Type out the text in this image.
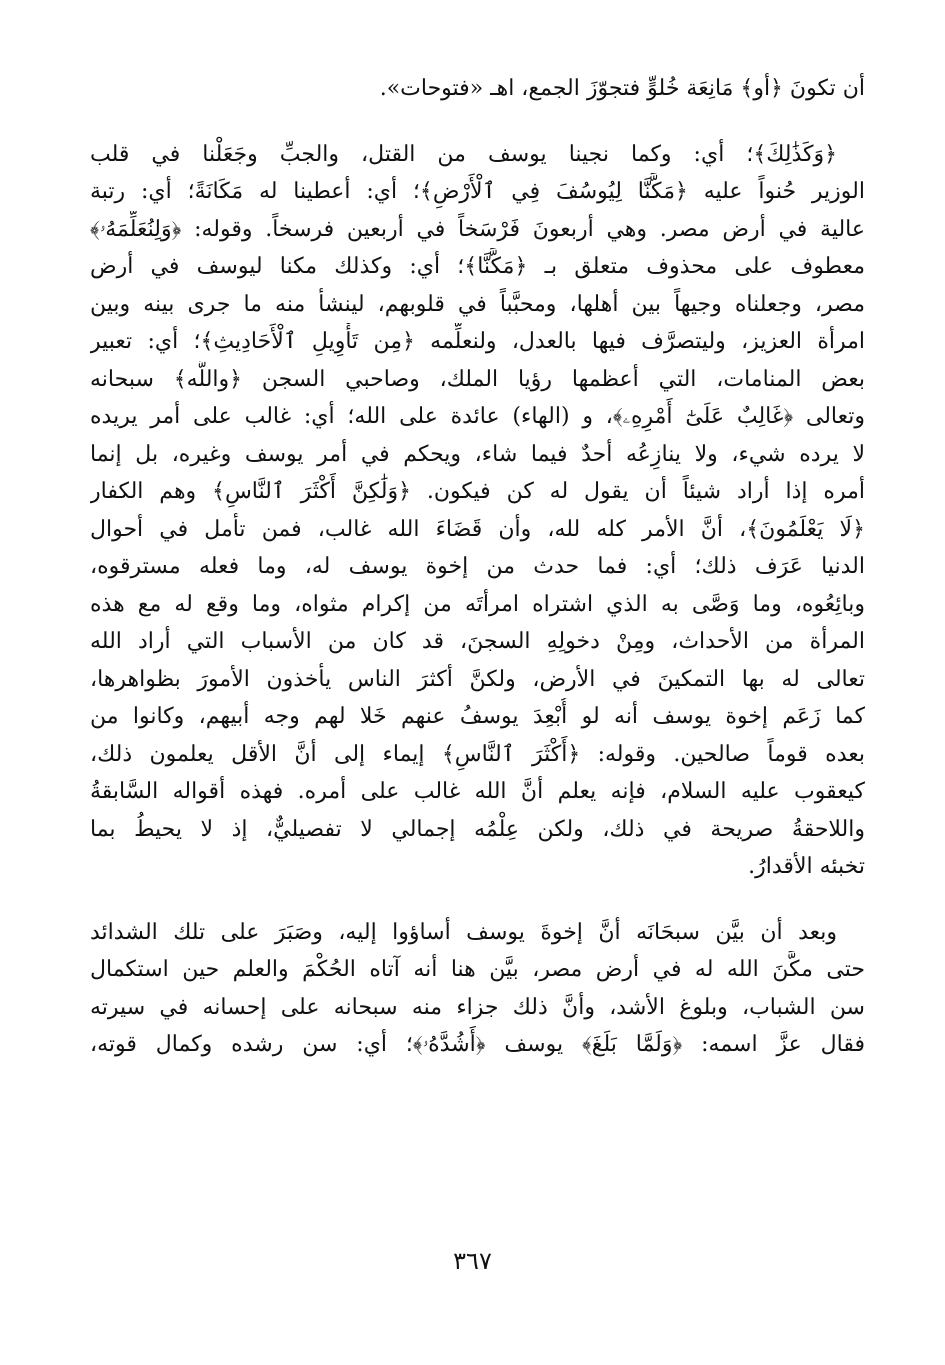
أن تكونَ ﴿أو﴾ مَانِعَة خُلوٍّ فتجوّزَ الجمع، اهـ «فتوحات».

﴿وَكَذَٰلِكَ﴾؛ أي: وكما نجينا يوسف من القتل، والجبِّ وجَعَلْنا في قلب
الوزير حُنواً عليه ﴿مَكَّنَّا لِيُوسُفَ فِي ٱلْأَرْضِ﴾؛ أي: أعطينا له مَكَانَةً؛ أي: رتبة
عالية في أرض مصر. وهي أربعونَ فَرْسَخاً في أربعين فرسخاً. وقوله: ﴿وَلِنُعَلِّمَهُۥ﴾
معطوف على محذوف متعلق بـ ﴿مَكَّنَّا﴾؛ أي: وكذلك مكنا ليوسف في أرض
مصر، وجعلناه وجيهاً بين أهلها، ومحبَّباً في قلوبهم، لينشأ منه ما جرى بينه وبين
امرأة العزيز، وليتصرَّف فيها بالعدل، ولنعلِّمه ﴿مِن تَأْوِيلِ ٱلْأَحَادِيثِ﴾؛ أي: تعبير
بعض المنامات، التي أعظمها رؤيا الملك، وصاحبي السجن ﴿واللَّه﴾ سبحانه
وتعالى ﴿غَالِبٌ عَلَىٰٓ أَمْرِهِۦ﴾، و (الهاء) عائدة على الله؛ أي: غالب على أمر يريده
لا يرده شيء، ولا ينازِعُه أحدٌ فيما شاء، ويحكم في أمر يوسف وغيره، بل إنما
أمره إذا أراد شيئاً أن يقول له كن فيكون. ﴿وَلَٰكِنَّ أَكْثَرَ ٱلنَّاسِ﴾ وهم الكفار
﴿لَا يَعْلَمُونَ﴾، أنَّ الأمر كله لله، وأن قَضَاءَ الله غالب، فمن تأمل في أحوال
الدنيا عَرَف ذلك؛ أي: فما حدث من إخوة يوسف له، وما فعله مسترقوه،
وبائِعُوه، وما وَصَّى به الذي اشتراه امرأتَه من إكرام مثواه، وما وقع له مع هذه
المرأة من الأحداث، ومِنْ دخولِهِ السجنَ، قد كان من الأسباب التي أراد الله
تعالى له بها التمكينَ في الأرض، ولكنَّ أكثرَ الناس يأخذون الأمورَ بظواهرها،
كما زَعَم إخوة يوسف أنه لو أُبْعِدَ يوسفُ عنهم خَلا لهم وجه أبيهم، وكانوا من
بعده قوماً صالحين. وقوله: ﴿أَكْثَرَ ٱلنَّاسِ﴾ إيماء إلى أنَّ الأقل يعلمون ذلك،
كيعقوب عليه السلام، فإنه يعلم أنَّ الله غالب على أمره. فهذه أقواله السَّابقةُ
واللاحقةُ صريحة في ذلك، ولكن عِلْمُه إجمالي لا تفصيليٌّ، إذ لا يحيطُ بما
تخبئه الأقدارُ.

وبعد أن بيَّن سبحَانَه أنَّ إخوةَ يوسف أساؤوا إليه، وصَبَرَ على تلك الشدائد
حتى مكَّنَ الله له في أرض مصر، بيَّن هنا أنه آتاه الحُكْمَ والعلم حين استكمال
سن الشباب، وبلوغ الأشد، وأنَّ ذلك جزاء منه سبحانه على إحسانه في سيرته
فقال عزَّ اسمه: ﴿وَلَمَّا بَلَغَ﴾ يوسف ﴿أَشُدَّهُۥ﴾؛ أي: سن رشده وكمال قوته،

٣٦٧
